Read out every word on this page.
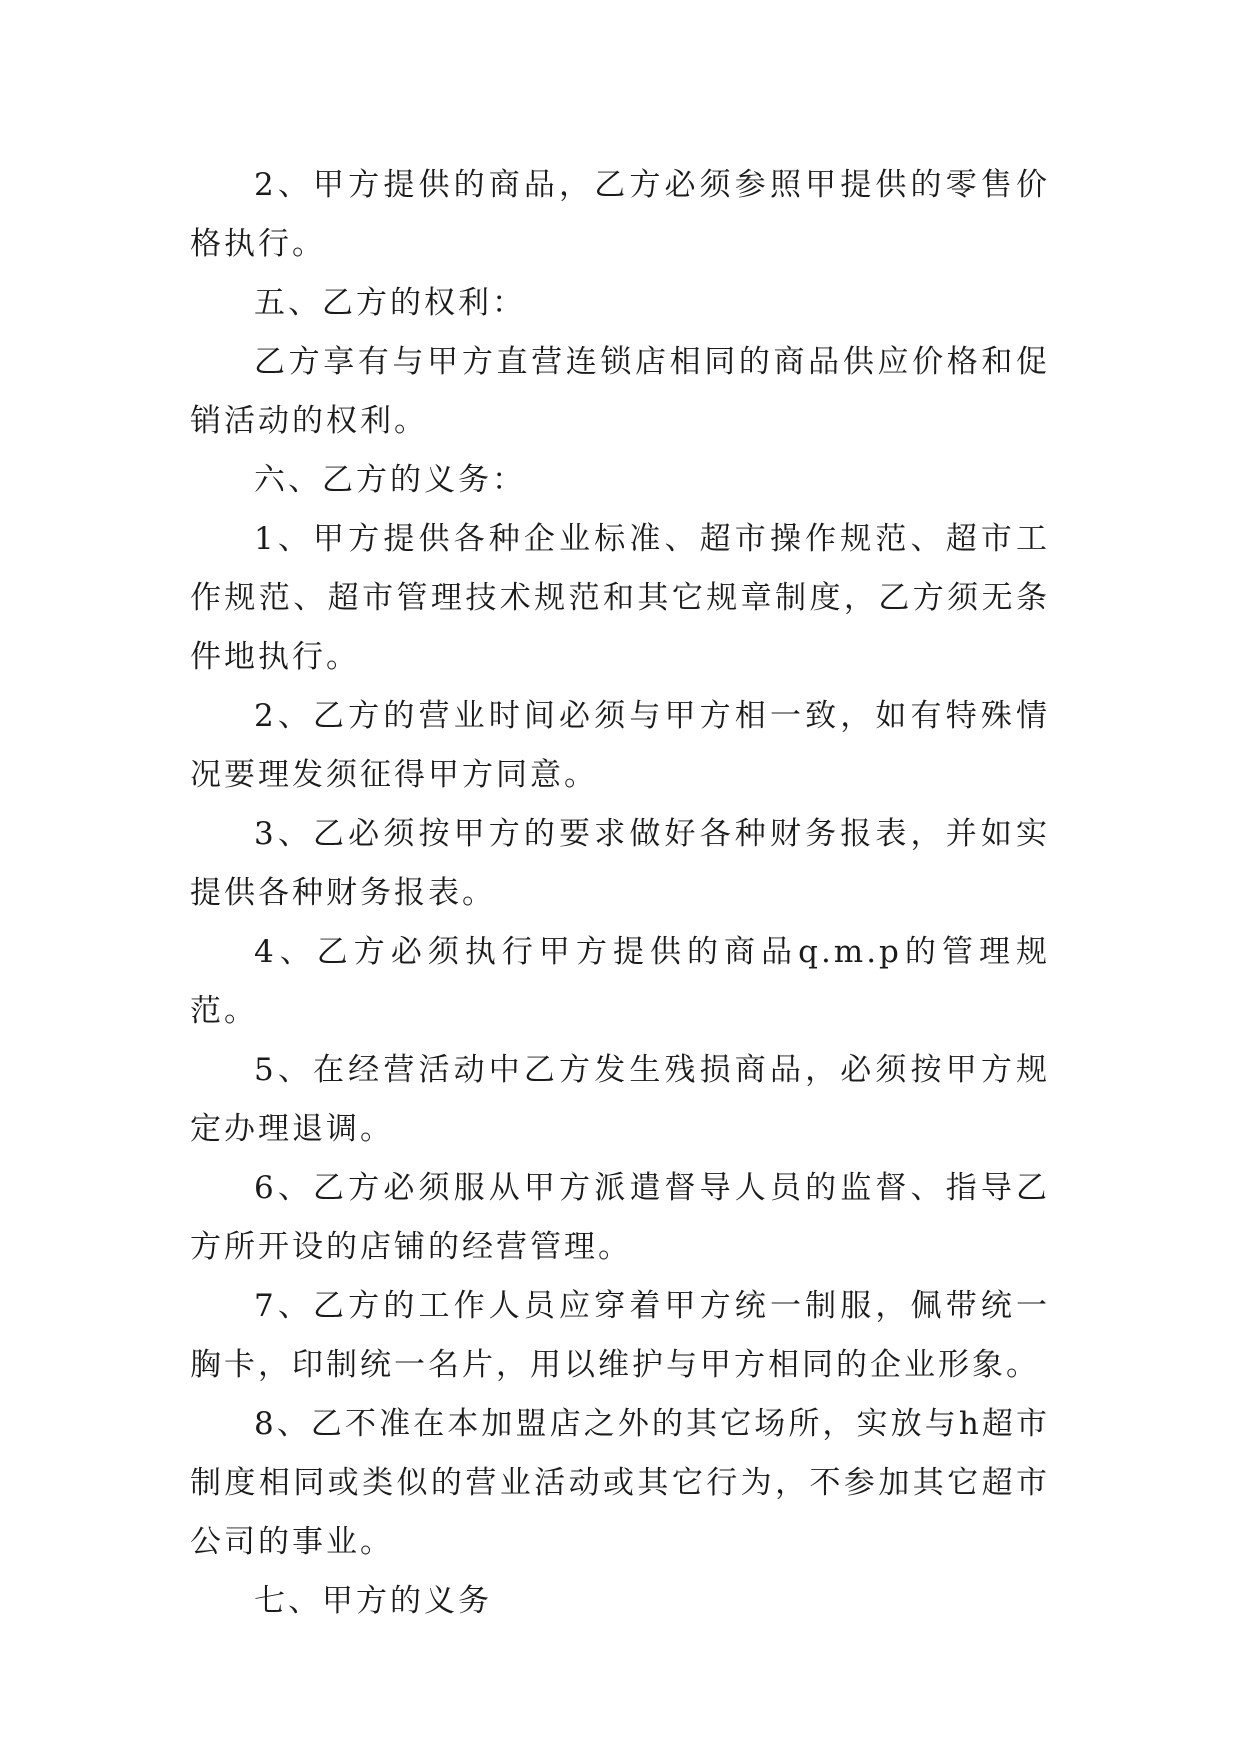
2、甲方提供的商品，乙方必须参照甲提供的零售价格执行。

五、乙方的权利：

乙方享有与甲方直营连锁店相同的商品供应价格和促销活动的权利。

六、乙方的义务：

1、甲方提供各种企业标准、超市操作规范、超市工作规范、超市管理技术规范和其它规章制度，乙方须无条件地执行。

2、乙方的营业时间必须与甲方相一致，如有特殊情况要理发须征得甲方同意。

3、乙必须按甲方的要求做好各种财务报表，并如实提供各种财务报表。

4、乙方必须执行甲方提供的商品q.m.p的管理规范。

5、在经营活动中乙方发生残损商品，必须按甲方规定办理退调。

6、乙方必须服从甲方派遣督导人员的监督、指导乙方所开设的店铺的经营管理。

7、乙方的工作人员应穿着甲方统一制服，佩带统一胸卡，印制统一名片，用以维护与甲方相同的企业形象。

8、乙不准在本加盟店之外的其它场所，实放与h超市制度相同或类似的营业活动或其它行为，不参加其它超市公司的事业。

七、甲方的义务
